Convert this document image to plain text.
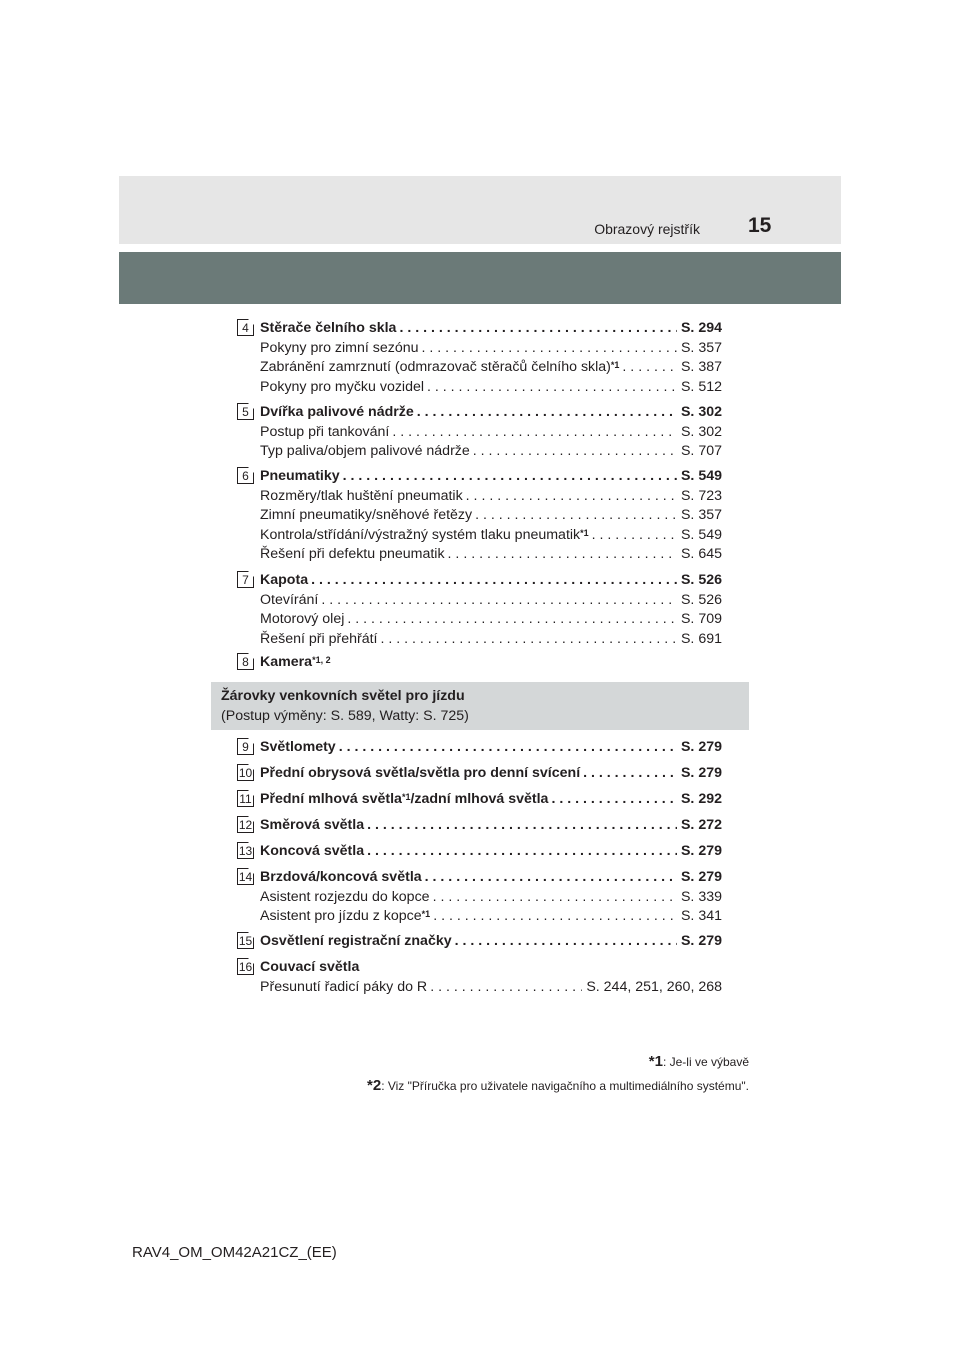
Obrazový rejstřík 15
4 Stěrače čelního skla . . .	S. 294
Pokyny pro zimní sezónu . . .	S. 357
Zabránění zamrznutí (odmrazovač stěračů čelního skla)$^{*1}$ . . .	S. 387
Pokyny pro myčku vozidel . . .	S. 512
5 Dvířka palivové nádrže . . .	S. 302
Postup při tankování . . .	S. 302
Typ paliva/objem palivové nádrže . . .	S. 707
6 Pneumatiky . . .	S. 549
Rozměry/tlak huštění pneumatik . . .	S. 723
Zimní pneumatiky/sněhové řetězy . . .	S. 357
Kontrola/střídání/výstražný systém tlaku pneumatik$^{*1}$ . . .	S. 549
Řešení při defektu pneumatik . . .	S. 645
7 Kapota . . .	S. 526
Otevírání . . .	S. 526
Motorový olej . . .	S. 709
Řešení při přehřátí . . .	S. 691
8 Kamera$^{*1, 2}$
9 Světlomety . . .	S. 279
10 Přední obrysová světla/světla pro denní svícení . . .	S. 279
11 Přední mlhová světla$^{*1}$/zadní mlhová světla . . .	S. 292
12 Směrová světla . . .	S. 272
13 Koncová světla . . .	S. 279
14 Brzdová/koncová světla . . .	S. 279
Asistent rozjezdu do kopce . . .	S. 339
Asistent pro jízdu z kopce$^{*1}$ . . .	S. 341
15 Osvětlení registrační značky . . .	S. 279
16 Couvací světla
Přesunutí řadicí páky do R . . .	S. 244, 251, 260, 268
Žárovky venkovních světel pro jízdu
(Postup výměny: S. 589, Watty: S. 725)
*1: Je-li ve výbavě
*2: Viz "Příručka pro uživatele navigačního a multimediálního systému".
RAV4_OM_OM42A21CZ_(EE)
